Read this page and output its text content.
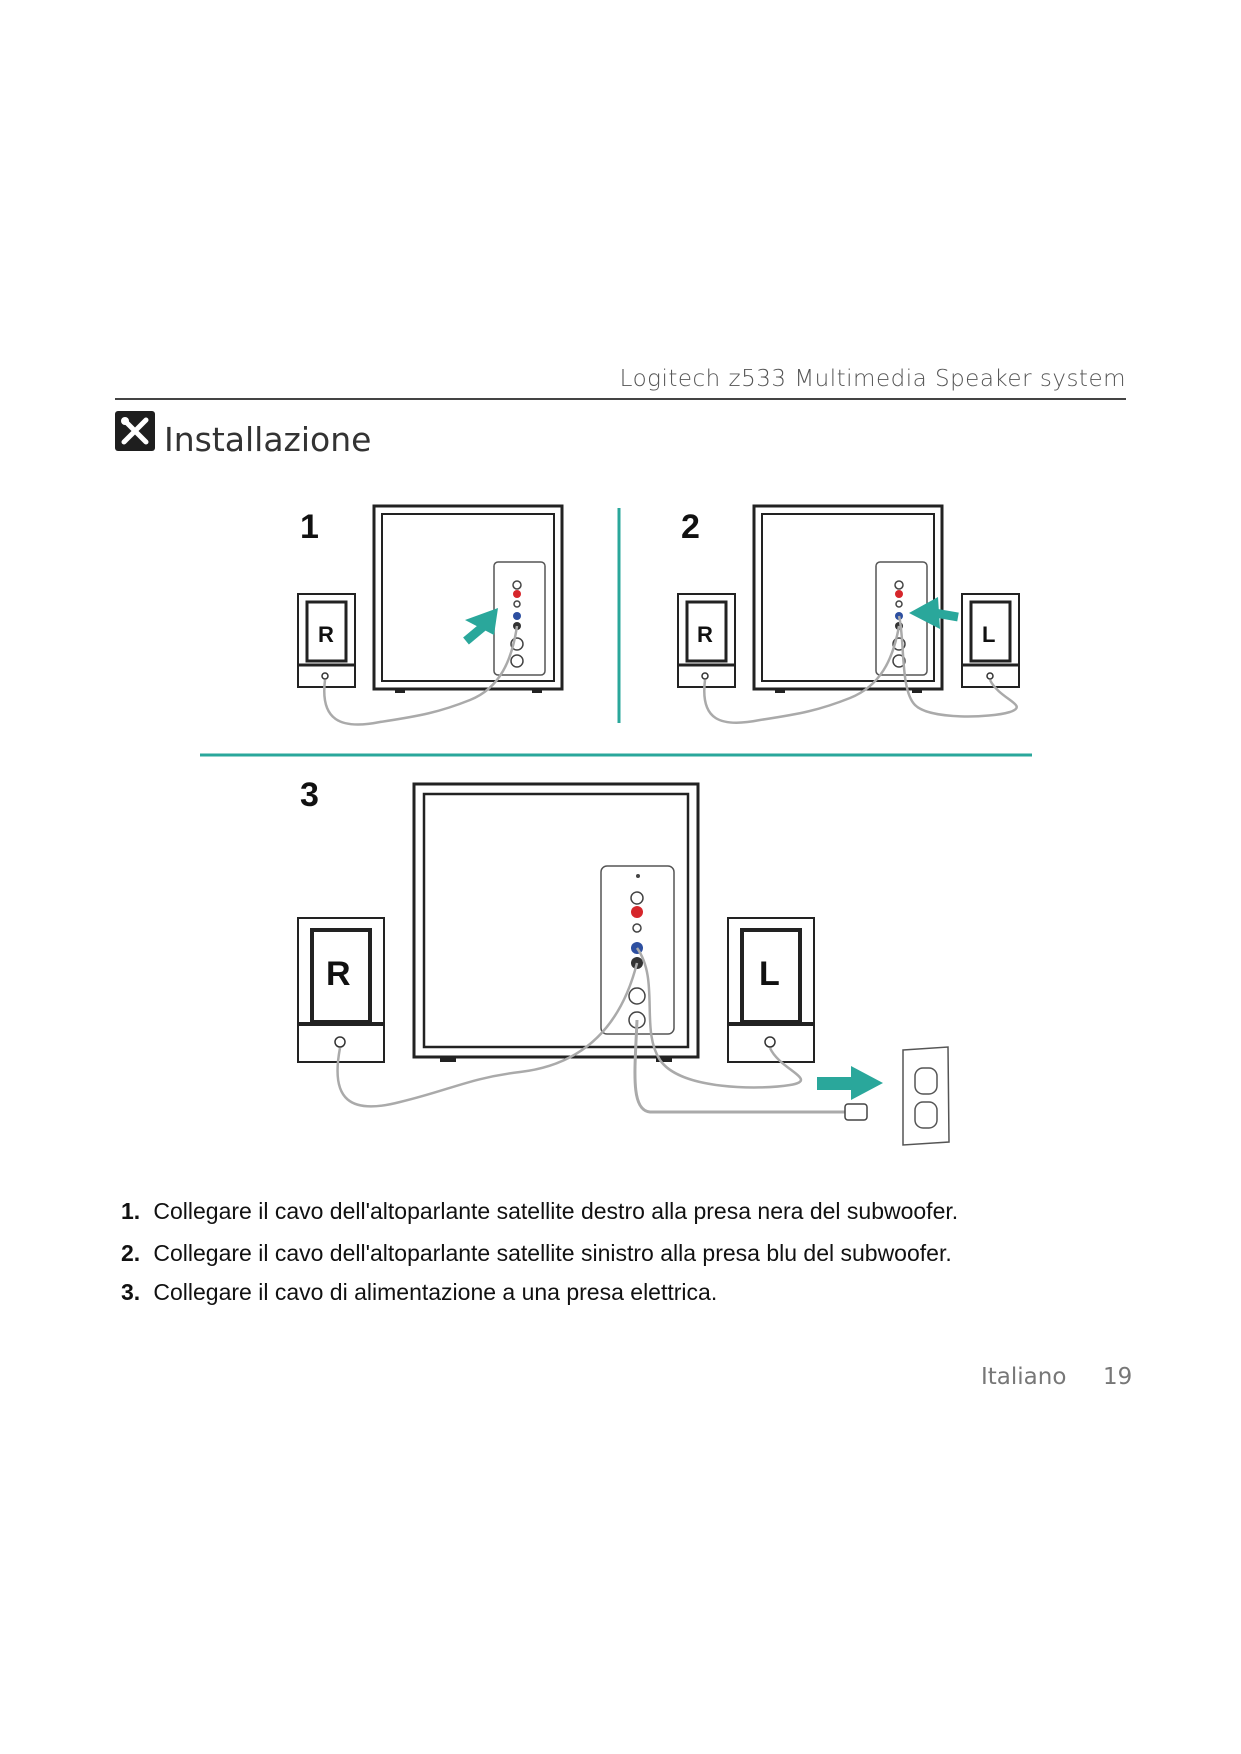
Logitech z533 Multimedia Speaker system
Installazione
1	2
3
R	R	L
R	L
1. Collegare il cavo dell'altoparlante satellite destro alla presa nera del subwoofer.
2. Collegare il cavo dell'altoparlante satellite sinistro alla presa blu del subwoofer.
3. Collegare il cavo di alimentazione a una presa elettrica.
Italiano 19
